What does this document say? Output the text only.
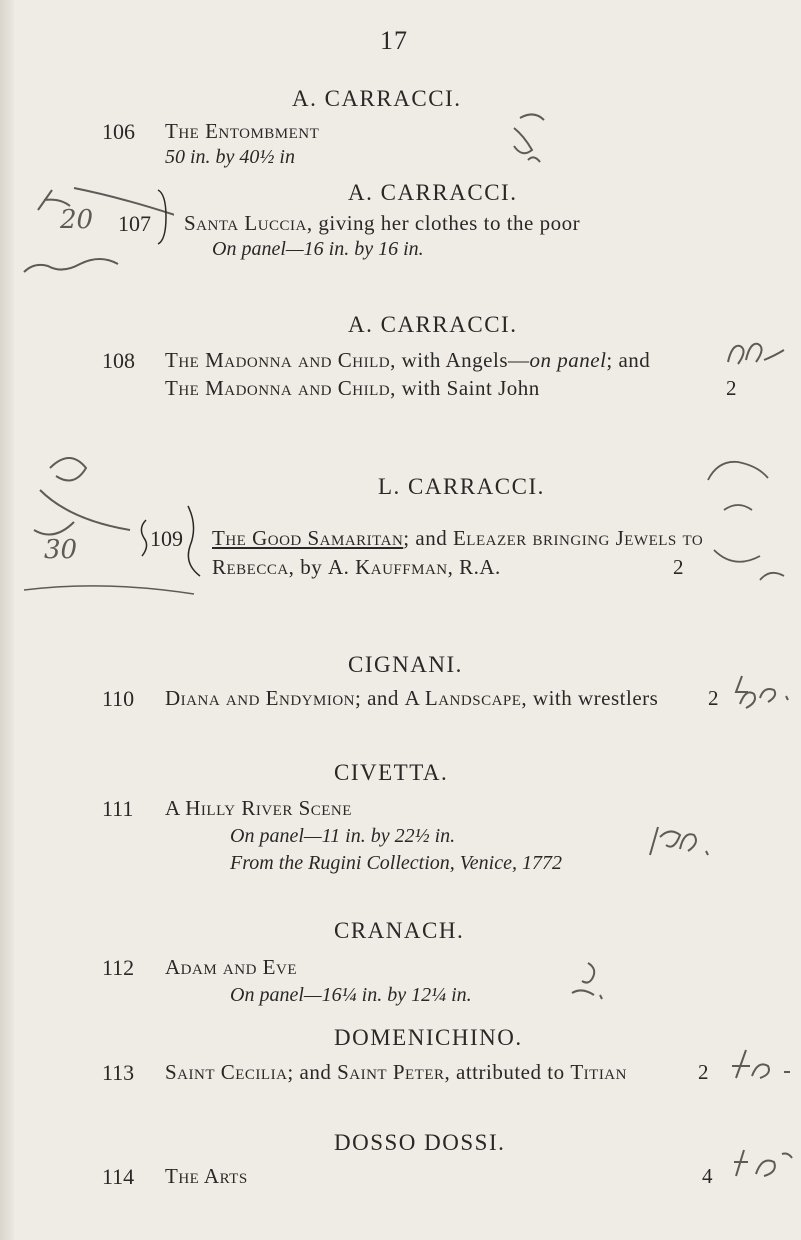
17
A. CARRACCI.
106 The Entombment
50 in. by 40½ in
20
A. CARRACCI.
107 Santa Luccia, giving her clothes to the poor
On panel—16 in. by 16 in.
A. CARRACCI.
108 The Madonna and Child, with Angels—on panel; and
The Madonna and Child, with Saint John	2
30
L. CARRACCI.
109 The Good Samaritan; and Eleazer bringing Jewels to
Rebecca, by A. Kauffman, R.A.	2
CIGNANI.
110 Diana and Endymion; and A Landscape, with wrestlers 2
CIVETTA.
111 A Hilly River Scene
On panel—11 in. by 22½ in.
From the Rugini Collection, Venice, 1772
CRANACH.
112 Adam and Eve
On panel—16¼ in. by 12¼ in.
DOMENICHINO.
113 Saint Cecilia; and Saint Peter, attributed to Titian	2
DOSSO DOSSI.
114 The Arts	4
